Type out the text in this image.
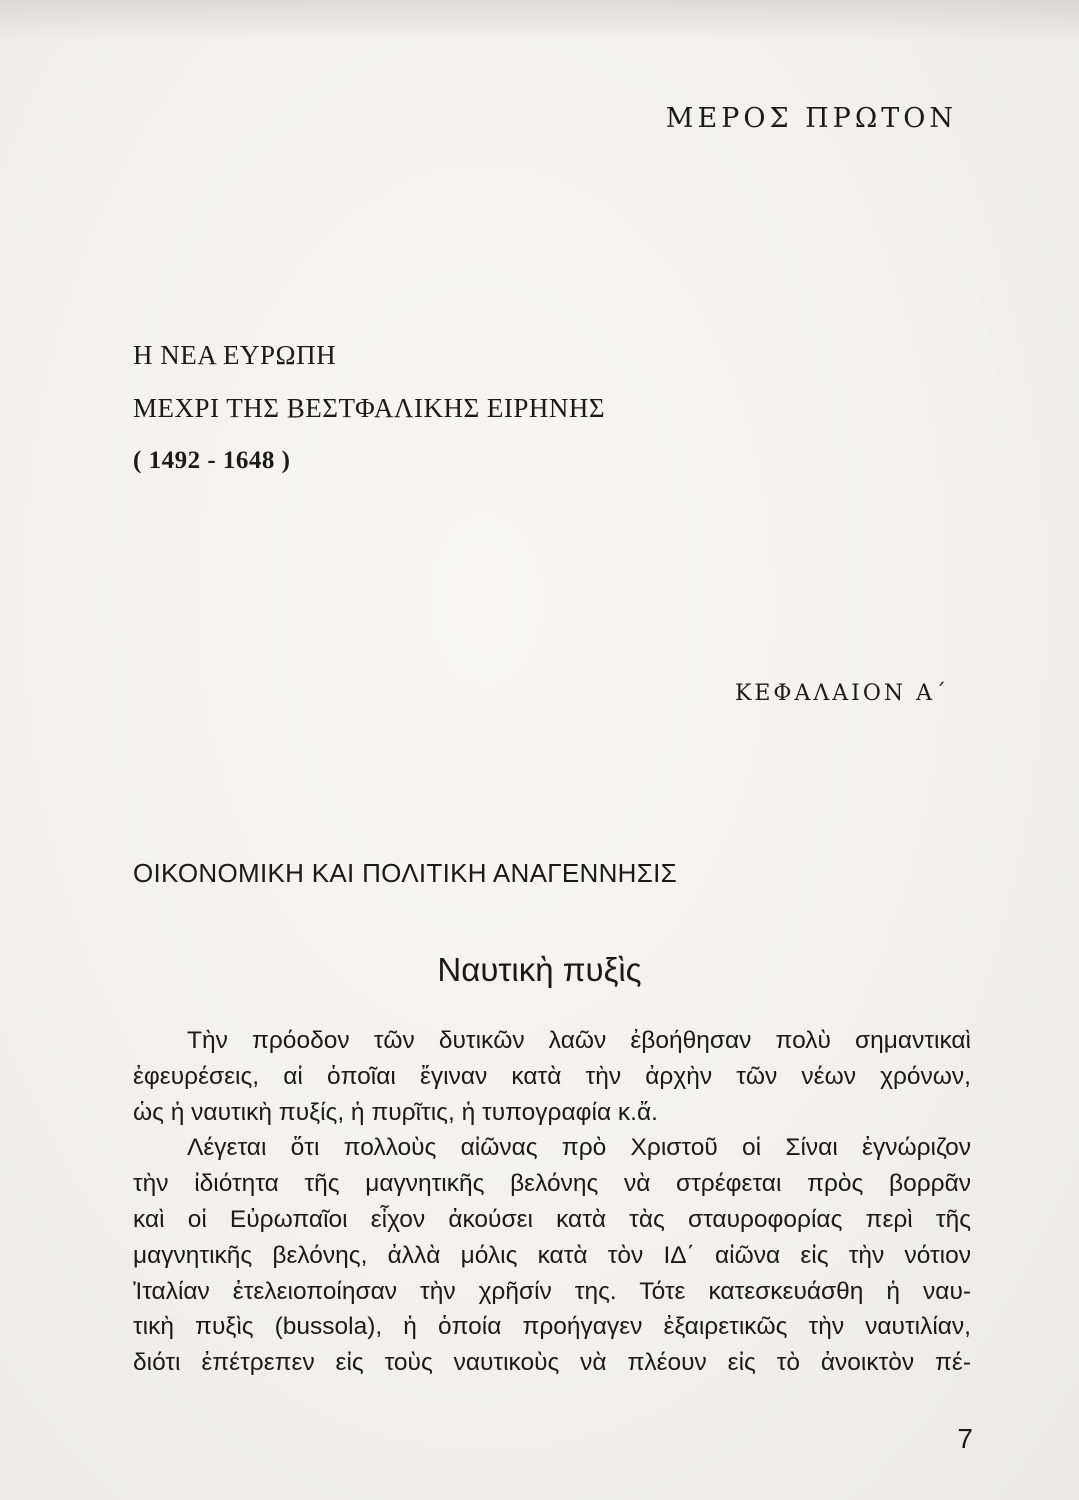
ΜΕΡΟΣ ΠΡΩΤΟΝ
Η ΝΕΑ ΕΥΡΩΠΗ
ΜΕΧΡΙ ΤΗΣ ΒΕΣΤΦΑΛΙΚΗΣ ΕΙΡΗΝΗΣ
( 1492 - 1648 )
ΚΕΦΑΛΑΙΟΝ Α΄
ΟΙΚΟΝΟΜΙΚΗ ΚΑΙ ΠΟΛΙΤΙΚΗ ΑΝΑΓΕΝΝΗΣΙΣ
Ναυτικὴ πυξὶς
Τὴν πρόοδον τῶν δυτικῶν λαῶν ἐβοήθησαν πολὺ σημαντικαὶ
ἐφευρέσεις, αἱ ὁποῖαι ἔγιναν κατὰ τὴν ἀρχὴν τῶν νέων χρόνων,
ὡς ἡ ναυτικὴ πυξίς, ἡ πυρῖτις, ἡ τυπογραφία κ.ἄ.
Λέγεται ὅτι πολλοὺς αἰῶνας πρὸ Χριστοῦ οἱ Σίναι ἐγνώριζον
τὴν ἰδιότητα τῆς μαγνητικῆς βελόνης νὰ στρέφεται πρὸς βορρᾶν
καὶ οἱ Εὐρωπαῖοι εἶχον ἀκούσει κατὰ τὰς σταυροφορίας περὶ τῆς
μαγνητικῆς βελόνης, ἀλλὰ μόλις κατὰ τὸν ΙΔ΄ αἰῶνα εἰς τὴν νότιον
Ἰταλίαν ἐτελειοποίησαν τὴν χρῆσίν της. Τότε κατεσκευάσθη ἡ ναυ-
τικὴ πυξὶς (bussola), ἡ ὁποία προήγαγεν ἐξαιρετικῶς τὴν ναυτιλίαν,
διότι ἐπέτρεπεν εἰς τοὺς ναυτικοὺς νὰ πλέουν εἰς τὸ ἀνοικτὸν πέ-
7
